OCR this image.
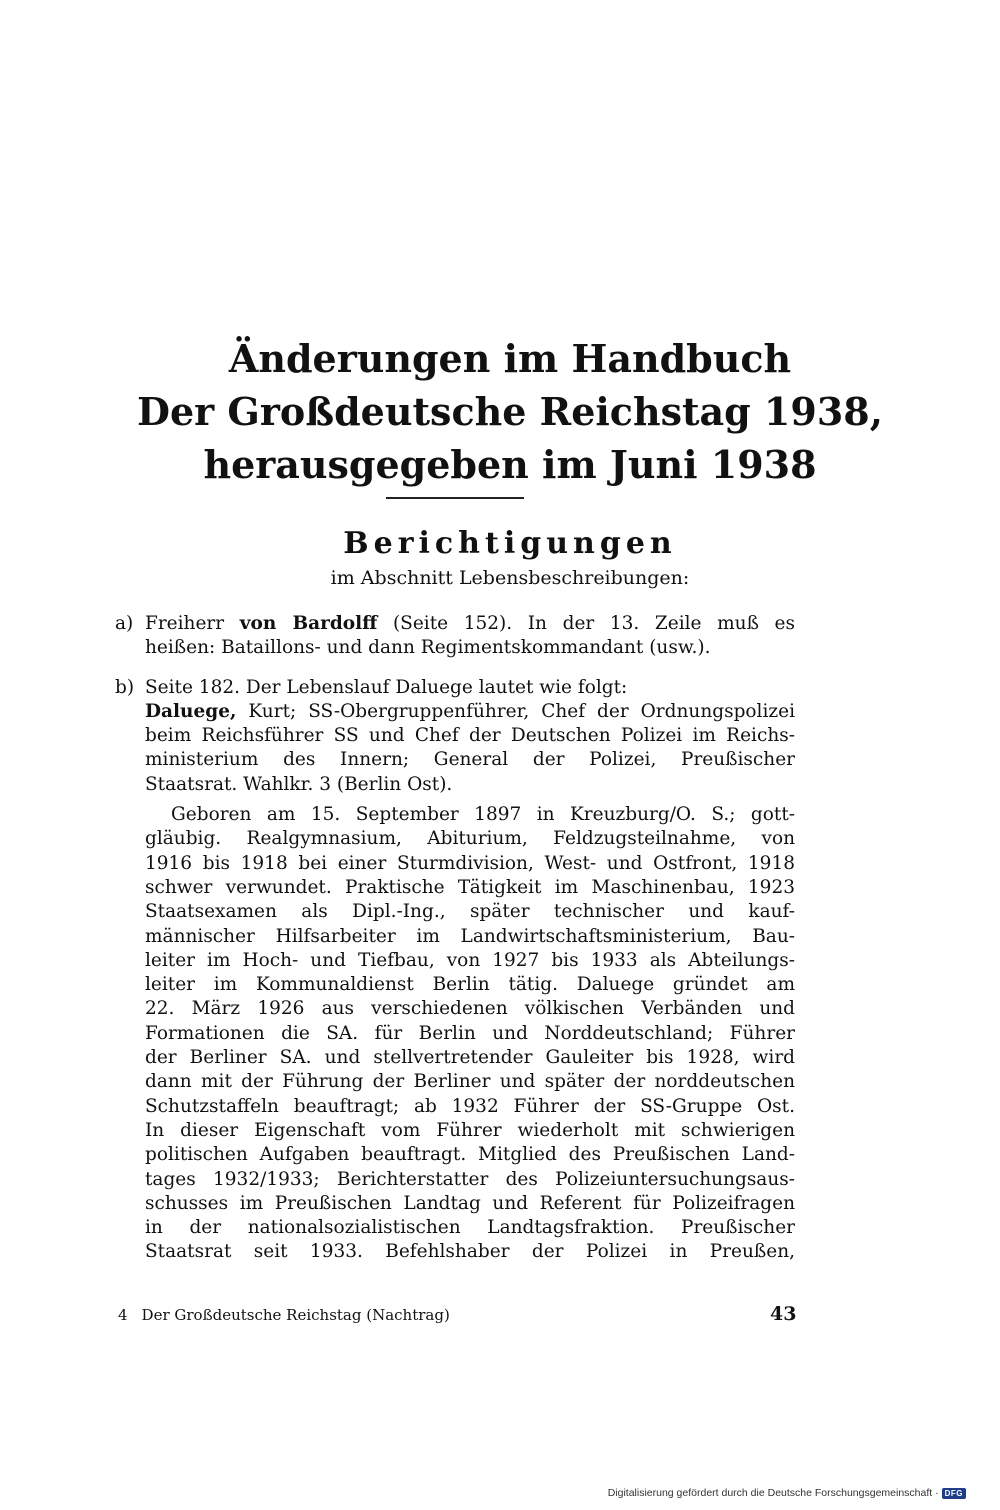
Änderungen im Handbuch
Der Großdeutsche Reichstag 1938,
herausgegeben im Juni 1938
Berichtigungen
im Abschnitt Lebensbeschreibungen:
a) Freiherr von Bardolff (Seite 152). In der 13. Zeile muß es
heißen: Bataillons- und dann Regimentskommandant (usw.).
b) Seite 182. Der Lebenslauf Daluege lautet wie folgt:
Daluege, Kurt; SS-Obergruppenführer, Chef der Ordnungspolizei
beim Reichsführer SS und Chef der Deutschen Polizei im Reichs-
ministerium des Innern; General der Polizei, Preußischer
Staatsrat. Wahlkr. 3 (Berlin Ost).
Geboren am 15. September 1897 in Kreuzburg/O. S.; gott-
gläubig. Realgymnasium, Abiturium, Feldzugsteilnahme, von
1916 bis 1918 bei einer Sturmdivision, West- und Ostfront, 1918
schwer verwundet. Praktische Tätigkeit im Maschinenbau, 1923
Staatsexamen als Dipl.-Ing., später technischer und kauf-
männischer Hilfsarbeiter im Landwirtschaftsministerium, Bau-
leiter im Hoch- und Tiefbau, von 1927 bis 1933 als Abteilungs-
leiter im Kommunaldienst Berlin tätig. Daluege gründet am
22. März 1926 aus verschiedenen völkischen Verbänden und
Formationen die SA. für Berlin und Norddeutschland; Führer
der Berliner SA. und stellvertretender Gauleiter bis 1928, wird
dann mit der Führung der Berliner und später der norddeutschen
Schutzstaffeln beauftragt; ab 1932 Führer der SS-Gruppe Ost.
In dieser Eigenschaft vom Führer wiederholt mit schwierigen
politischen Aufgaben beauftragt. Mitglied des Preußischen Land-
tages 1932/1933; Berichterstatter des Polizeiuntersuchungsaus-
schusses im Preußischen Landtag und Referent für Polizeifragen
in der nationalsozialistischen Landtagsfraktion. Preußischer
Staatsrat seit 1933. Befehlshaber der Polizei in Preußen,
4 Der Großdeutsche Reichstag (Nachtrag)	43
Digitalisierung gefördert durch die Deutsche Forschungsgemeinschaft · DFG
